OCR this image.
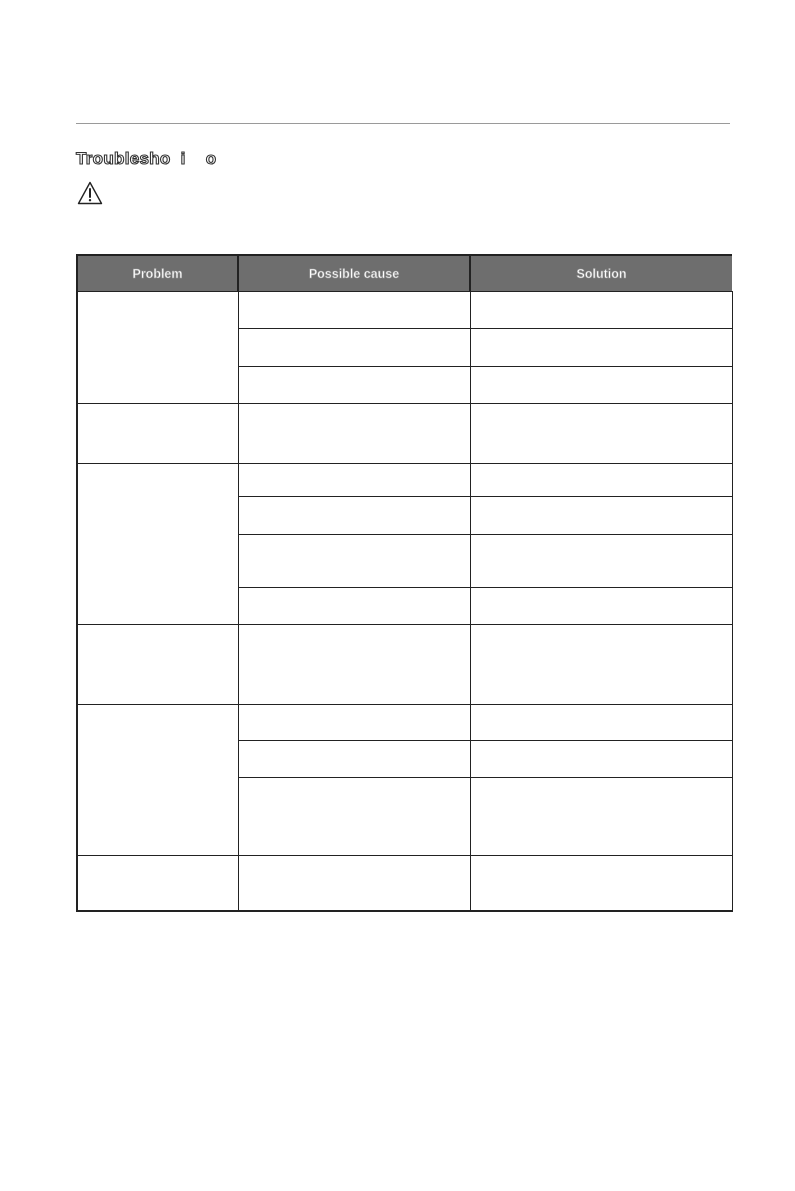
Troublesho  i    o
Problem	Possible cause	Solution
